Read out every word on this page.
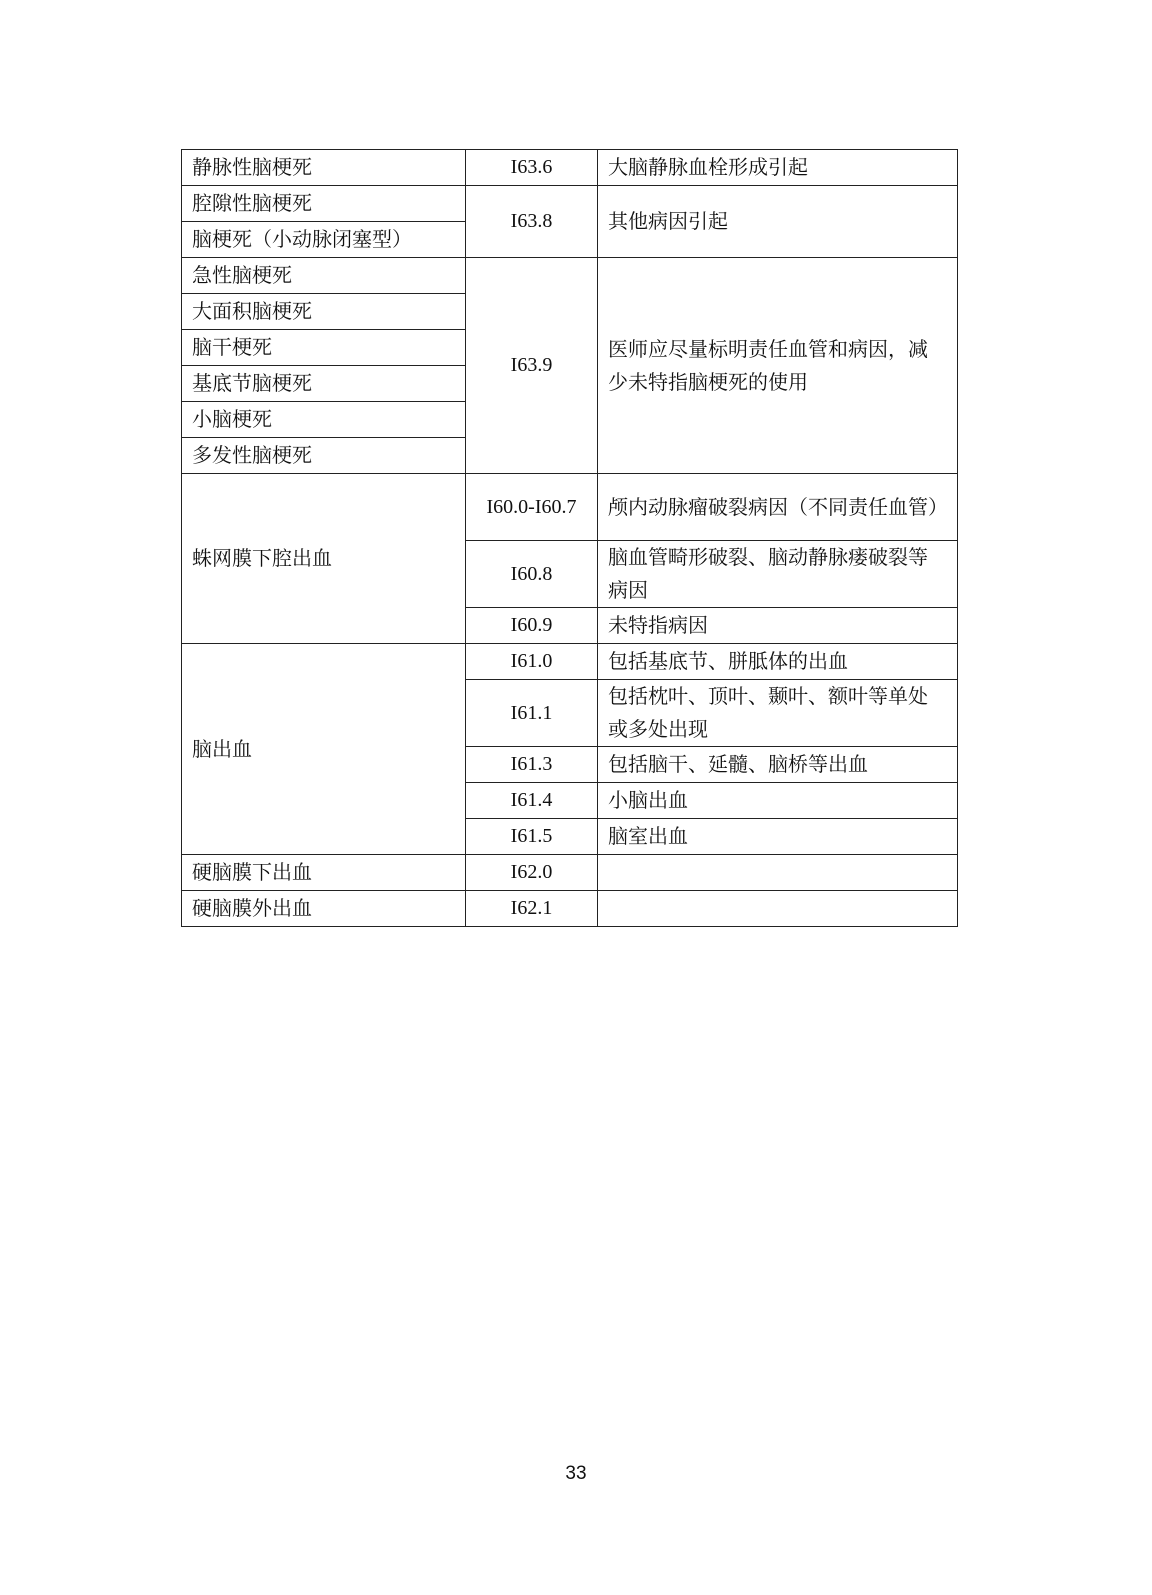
静脉性脑梗死	I63.6	大脑静脉血栓形成引起
腔隙性脑梗死	I63.8	其他病因引起
脑梗死（小动脉闭塞型）		
急性脑梗死	I63.9	医师应尽量标明责任血管和病因，减少未特指脑梗死的使用
大面积脑梗死		
脑干梗死		
基底节脑梗死		
小脑梗死		
多发性脑梗死		
蛛网膜下腔出血	I60.0-I60.7	颅内动脉瘤破裂病因（不同责任血管）
	I60.8	脑血管畸形破裂、脑动静脉瘘破裂等病因
	I60.9	未特指病因
脑出血	I61.0	包括基底节、胼胝体的出血
	I61.1	包括枕叶、顶叶、颞叶、额叶等单处或多处出现
	I61.3	包括脑干、延髓、脑桥等出血
	I61.4	小脑出血
	I61.5	脑室出血
硬脑膜下出血	I62.0	
硬脑膜外出血	I62.1	
33
